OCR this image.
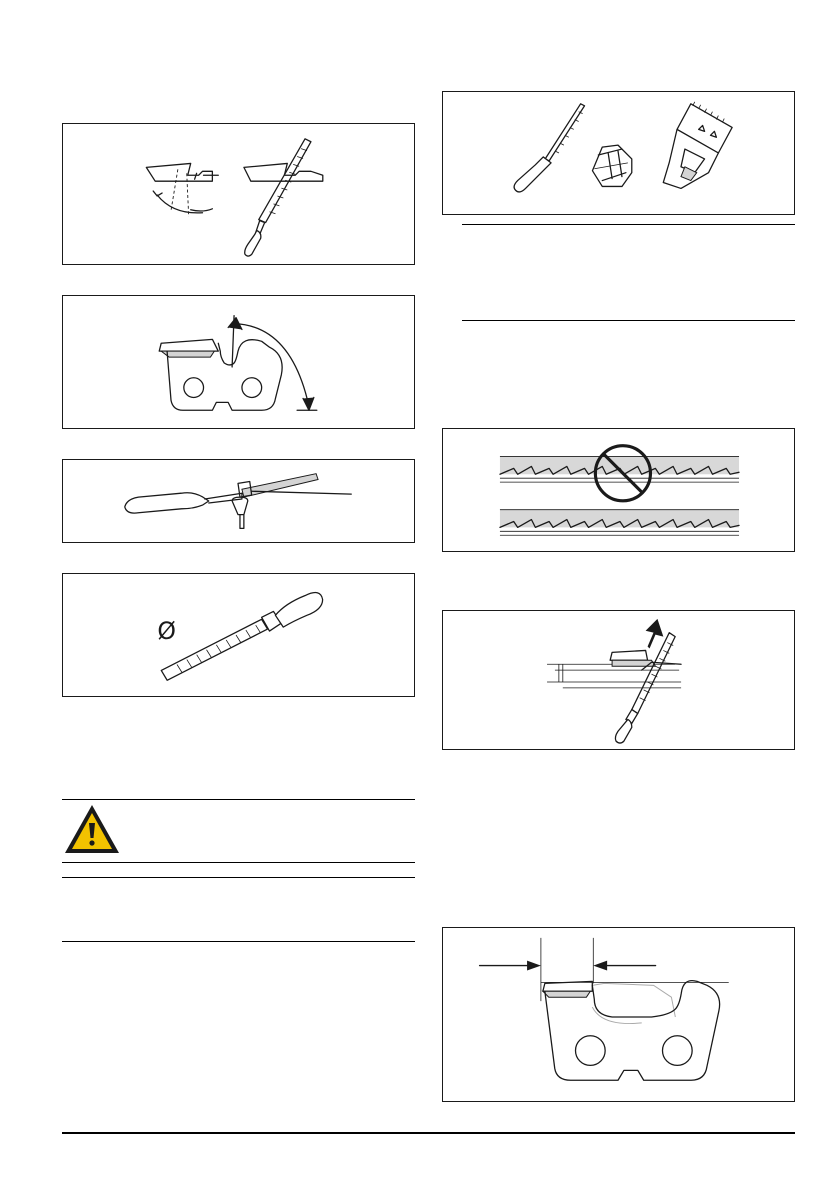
Ø
